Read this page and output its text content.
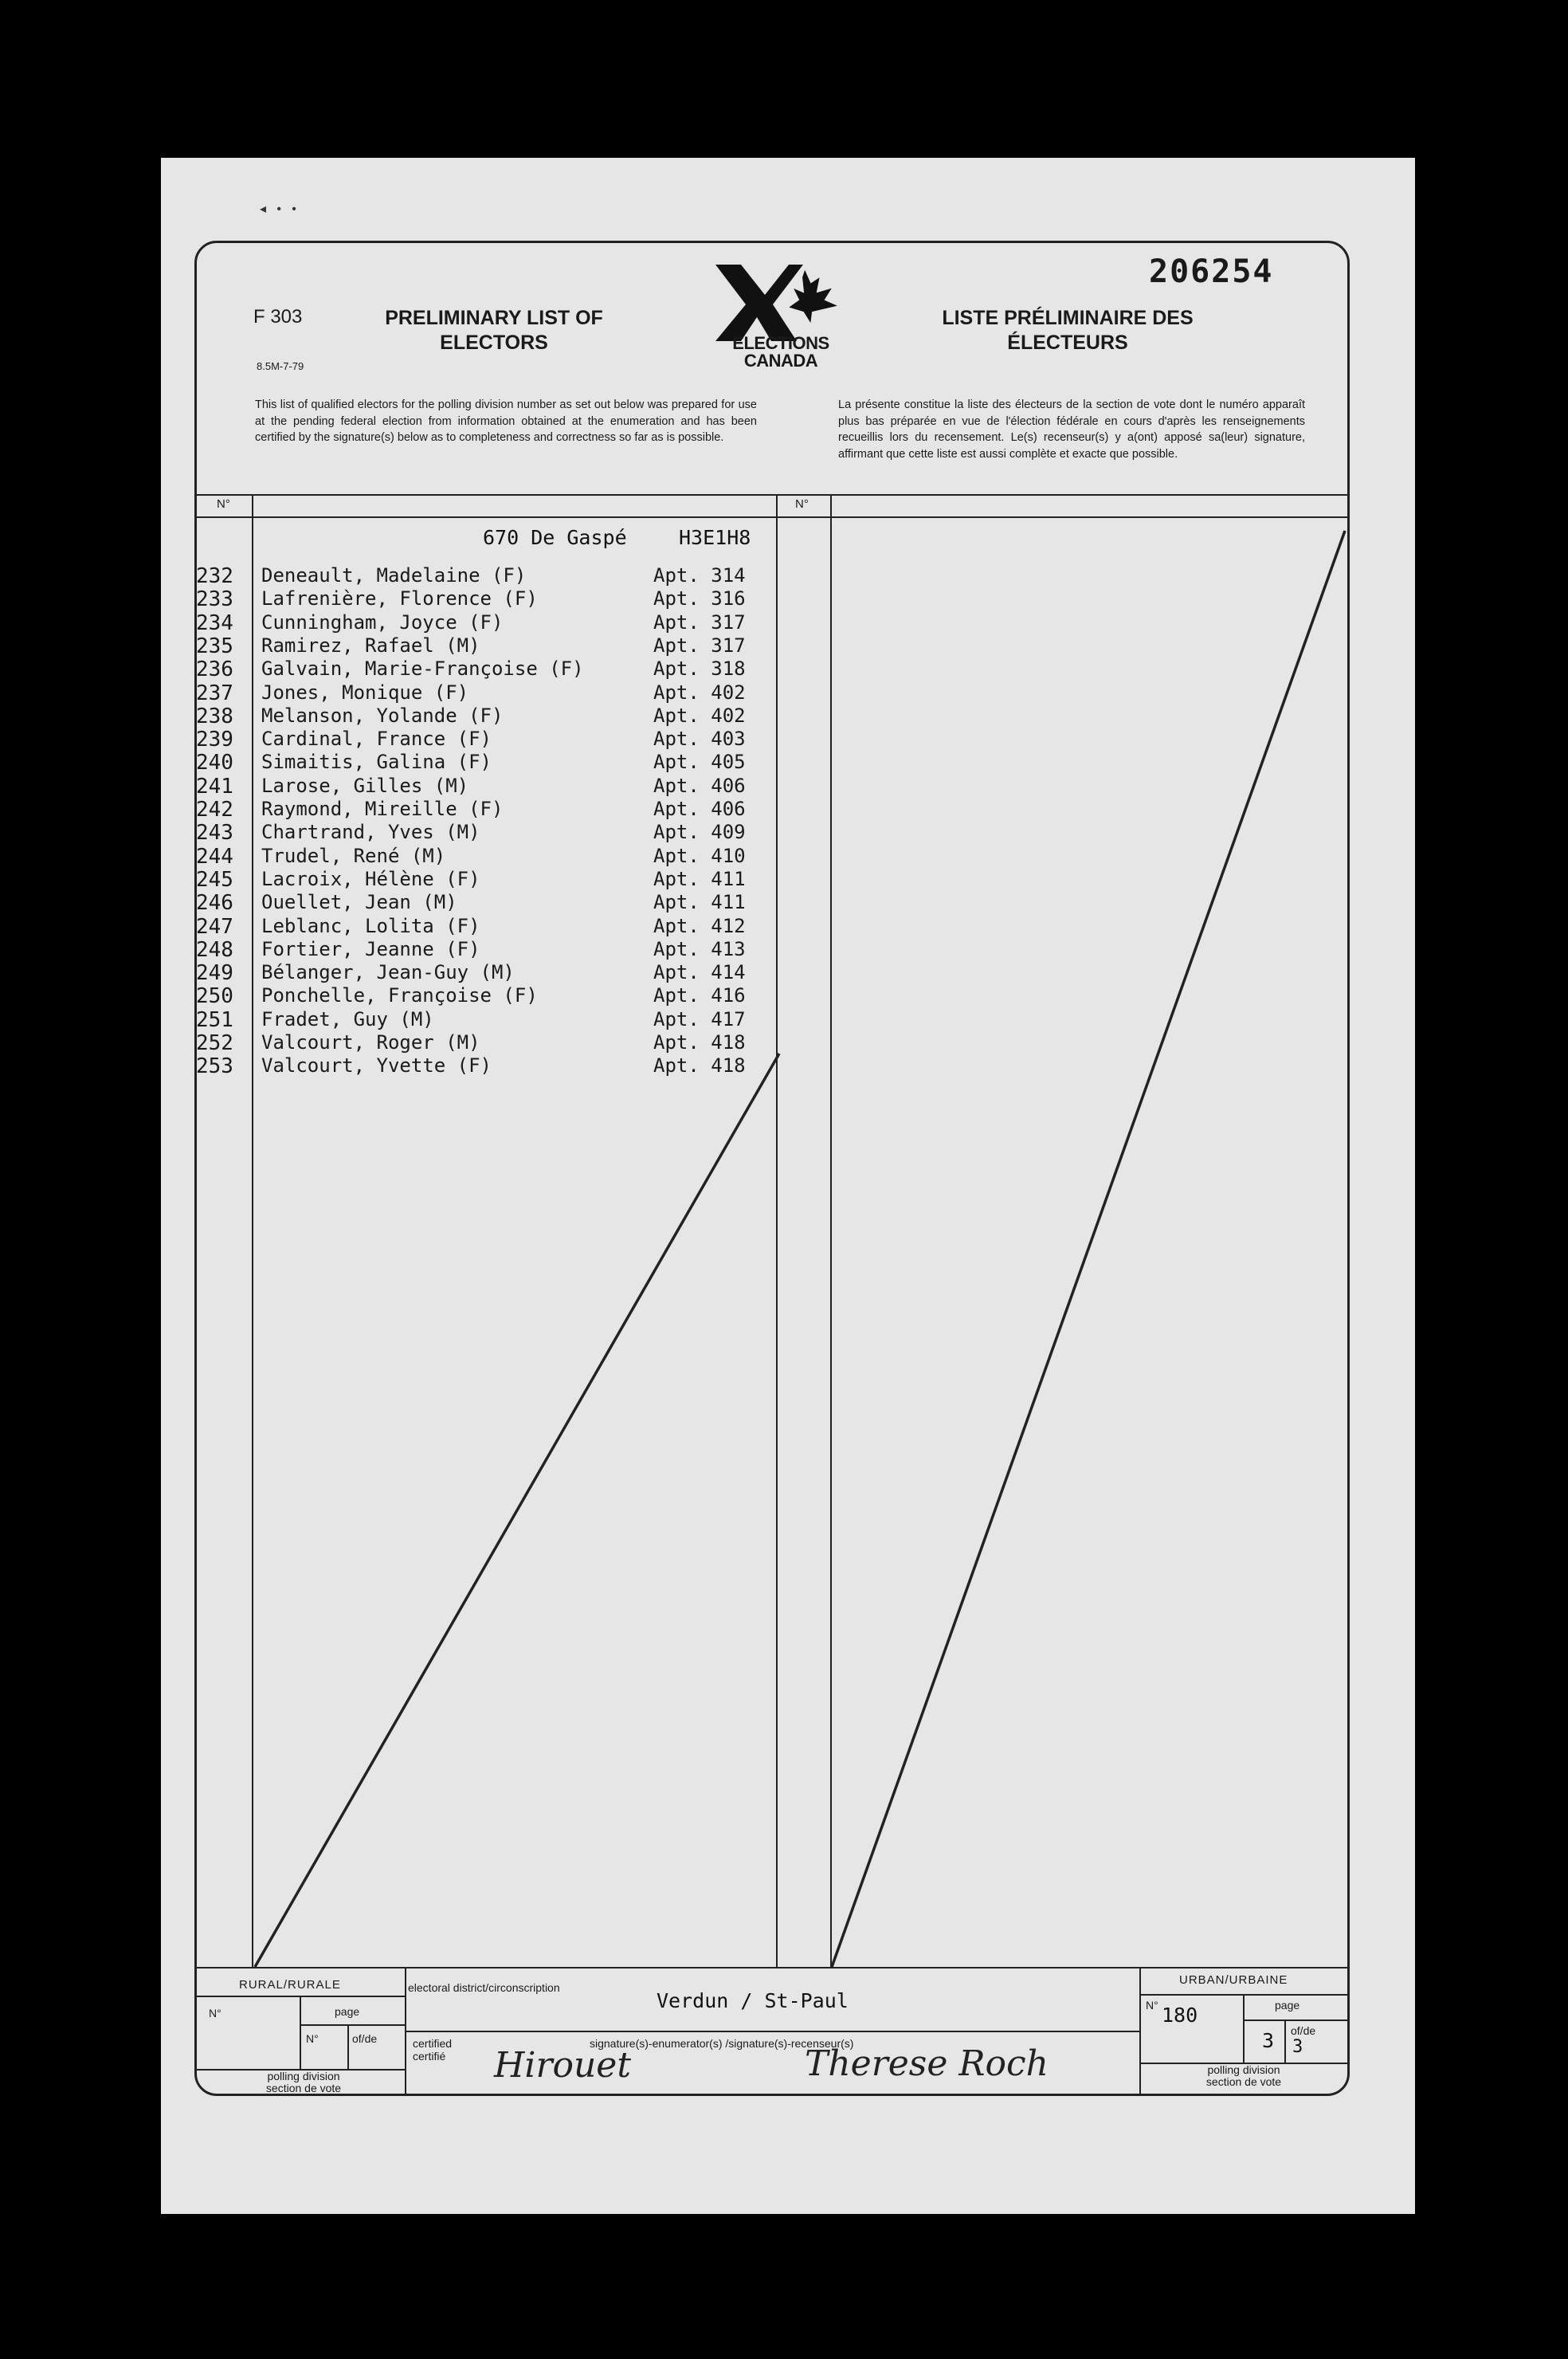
◂   •   •
206254
F 303
8.5M-7-79
PRELIMINARY LIST OF ELECTORS
LISTE PRÉLIMINAIRE DES ÉLECTEURS
ELECTIONS CANADA
This list of qualified electors for the polling division number as set out below was prepared for use at the pending federal election from information obtained at the enumeration and has been certified by the signature(s) below as to completeness and correctness so far as is possible.
La présente constitue la liste des électeurs de la section de vote dont le numéro apparaît plus bas préparée en vue de l'élection fédérale en cours d'après les renseignements recueillis lors du recensement. Le(s) recenseur(s) y a(ont) apposé sa(leur) signature, affirmant que cette liste est aussi complète et exacte que possible.
N°	N°
670 De Gaspé	H3E1H8
232	Deneault, Madelaine (F)	Apt. 314
233	Lafrenière, Florence (F)	Apt. 316
234	Cunningham, Joyce (F)	Apt. 317
235	Ramirez, Rafael (M)	Apt. 317
236	Galvain, Marie-Françoise (F)	Apt. 318
237	Jones, Monique (F)	Apt. 402
238	Melanson, Yolande (F)	Apt. 402
239	Cardinal, France (F)	Apt. 403
240	Simaitis, Galina (F)	Apt. 405
241	Larose, Gilles (M)	Apt. 406
242	Raymond, Mireille (F)	Apt. 406
243	Chartrand, Yves (M)	Apt. 409
244	Trudel, René (M)	Apt. 410
245	Lacroix, Hélène (F)	Apt. 411
246	Ouellet, Jean (M)	Apt. 411
247	Leblanc, Lolita (F)	Apt. 412
248	Fortier, Jeanne (F)	Apt. 413
249	Bélanger, Jean-Guy (M)	Apt. 414
250	Ponchelle, Françoise (F)	Apt. 416
251	Fradet, Guy (M)	Apt. 417
252	Valcourt, Roger (M)	Apt. 418
253	Valcourt, Yvette (F)	Apt. 418
RURAL/RURALE
N°	page
N°	of/de
polling division section de vote
electoral district/circonscription
Verdun / St-Paul
certified certifié
signature(s)-enumerator(s) /signature(s)-recenseur(s)
Hirouet	Therese Roch
URBAN/URBAINE
N° 180	page
3 of/de
3
polling division section de vote
